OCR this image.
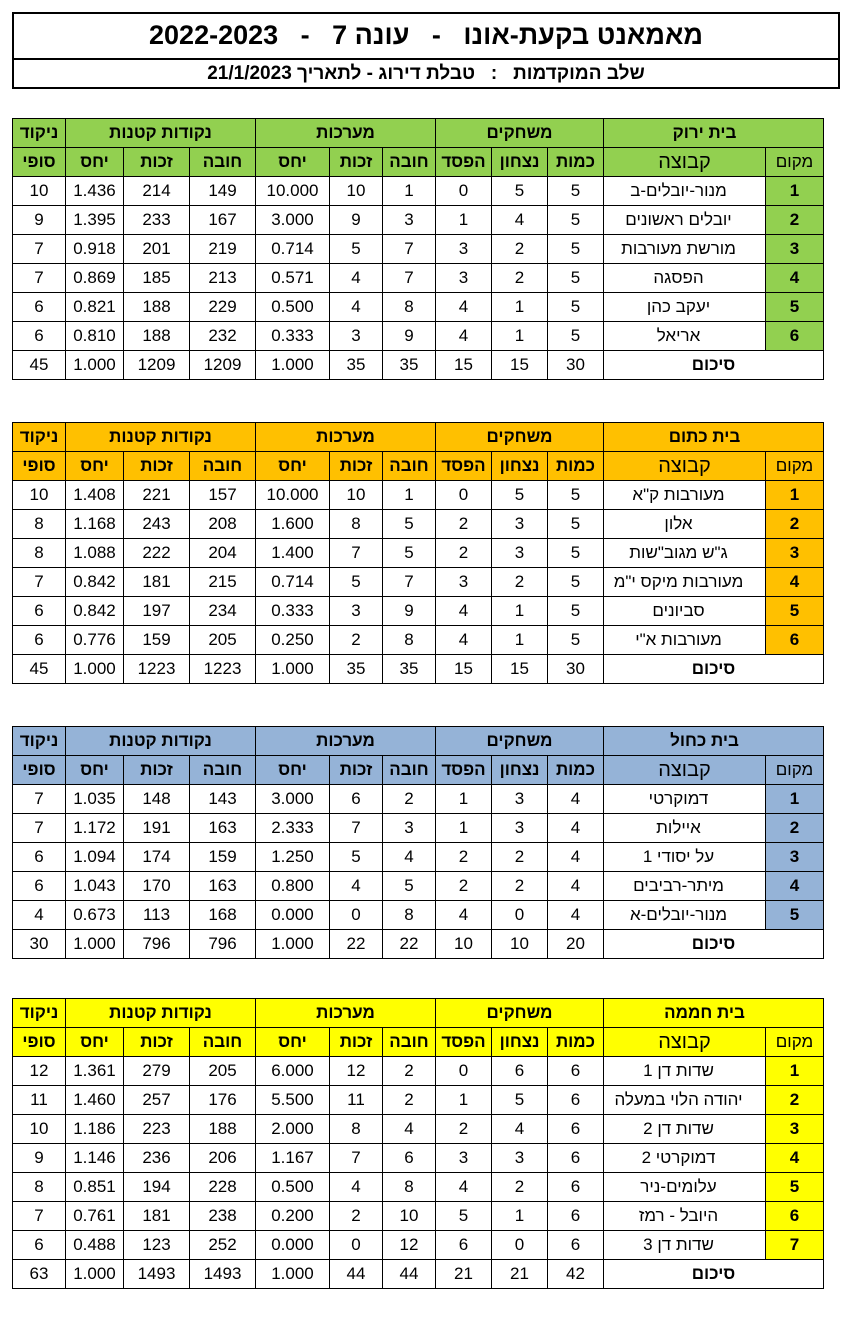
מאמאנט בקעת-אונו   -   עונה 7   -   2022-2023
שלב המוקדמות   :   טבלת דירוג - לתאריך 21/1/2023
ניקוד	נקודות קטנות			מערכות			משחקים			בית ירוק	
סופי	יחס	זכות	חובה	יחס	זכות	חובה	הפסד	נצחון	כמות	קבוצה	מקום
10	1.436	214	149	10.000	10	1	0	5	5	מנור-יובלים-ב	1
9	1.395	233	167	3.000	9	3	1	4	5	יובלים ראשונים	2
7	0.918	201	219	0.714	5	7	3	2	5	מורשת מעורבות	3
7	0.869	185	213	0.571	4	7	3	2	5	הפסגה	4
6	0.821	188	229	0.500	4	8	4	1	5	יעקב כהן	5
6	0.810	188	232	0.333	3	9	4	1	5	אריאל	6
45	1.000	1209	1209	1.000	35	35	15	15	30	סיכום	
ניקוד	נקודות קטנות			מערכות			משחקים			בית כתום	
סופי	יחס	זכות	חובה	יחס	זכות	חובה	הפסד	נצחון	כמות	קבוצה	מקום
10	1.408	221	157	10.000	10	1	0	5	5	מעורבות ק"א	1
8	1.168	243	208	1.600	8	5	2	3	5	אלון	2
8	1.088	222	204	1.400	7	5	2	3	5	ג"ש מגוב"שות	3
7	0.842	181	215	0.714	5	7	3	2	5	מעורבות מיקס י"מ	4
6	0.842	197	234	0.333	3	9	4	1	5	סביונים	5
6	0.776	159	205	0.250	2	8	4	1	5	מעורבות א"י	6
45	1.000	1223	1223	1.000	35	35	15	15	30	סיכום	
ניקוד	נקודות קטנות			מערכות			משחקים			בית כחול	
סופי	יחס	זכות	חובה	יחס	זכות	חובה	הפסד	נצחון	כמות	קבוצה	מקום
7	1.035	148	143	3.000	6	2	1	3	4	דמוקרטי	1
7	1.172	191	163	2.333	7	3	1	3	4	איילות	2
6	1.094	174	159	1.250	5	4	2	2	4	על יסודי 1	3
6	1.043	170	163	0.800	4	5	2	2	4	מיתר-רביבים	4
4	0.673	113	168	0.000	0	8	4	0	4	מנור-יובלים-א	5
30	1.000	796	796	1.000	22	22	10	10	20	סיכום	
ניקוד	נקודות קטנות			מערכות			משחקים			בית חממה	
סופי	יחס	זכות	חובה	יחס	זכות	חובה	הפסד	נצחון	כמות	קבוצה	מקום
12	1.361	279	205	6.000	12	2	0	6	6	שדות דן 1	1
11	1.460	257	176	5.500	11	2	1	5	6	יהודה הלוי במעלה	2
10	1.186	223	188	2.000	8	4	2	4	6	שדות דן 2	3
9	1.146	236	206	1.167	7	6	3	3	6	דמוקרטי 2	4
8	0.851	194	228	0.500	4	8	4	2	6	עלומים-ניר	5
7	0.761	181	238	0.200	2	10	5	1	6	היובל - רמז	6
6	0.488	123	252	0.000	0	12	6	0	6	שדות דן 3	7
63	1.000	1493	1493	1.000	44	44	21	21	42	סיכום	
